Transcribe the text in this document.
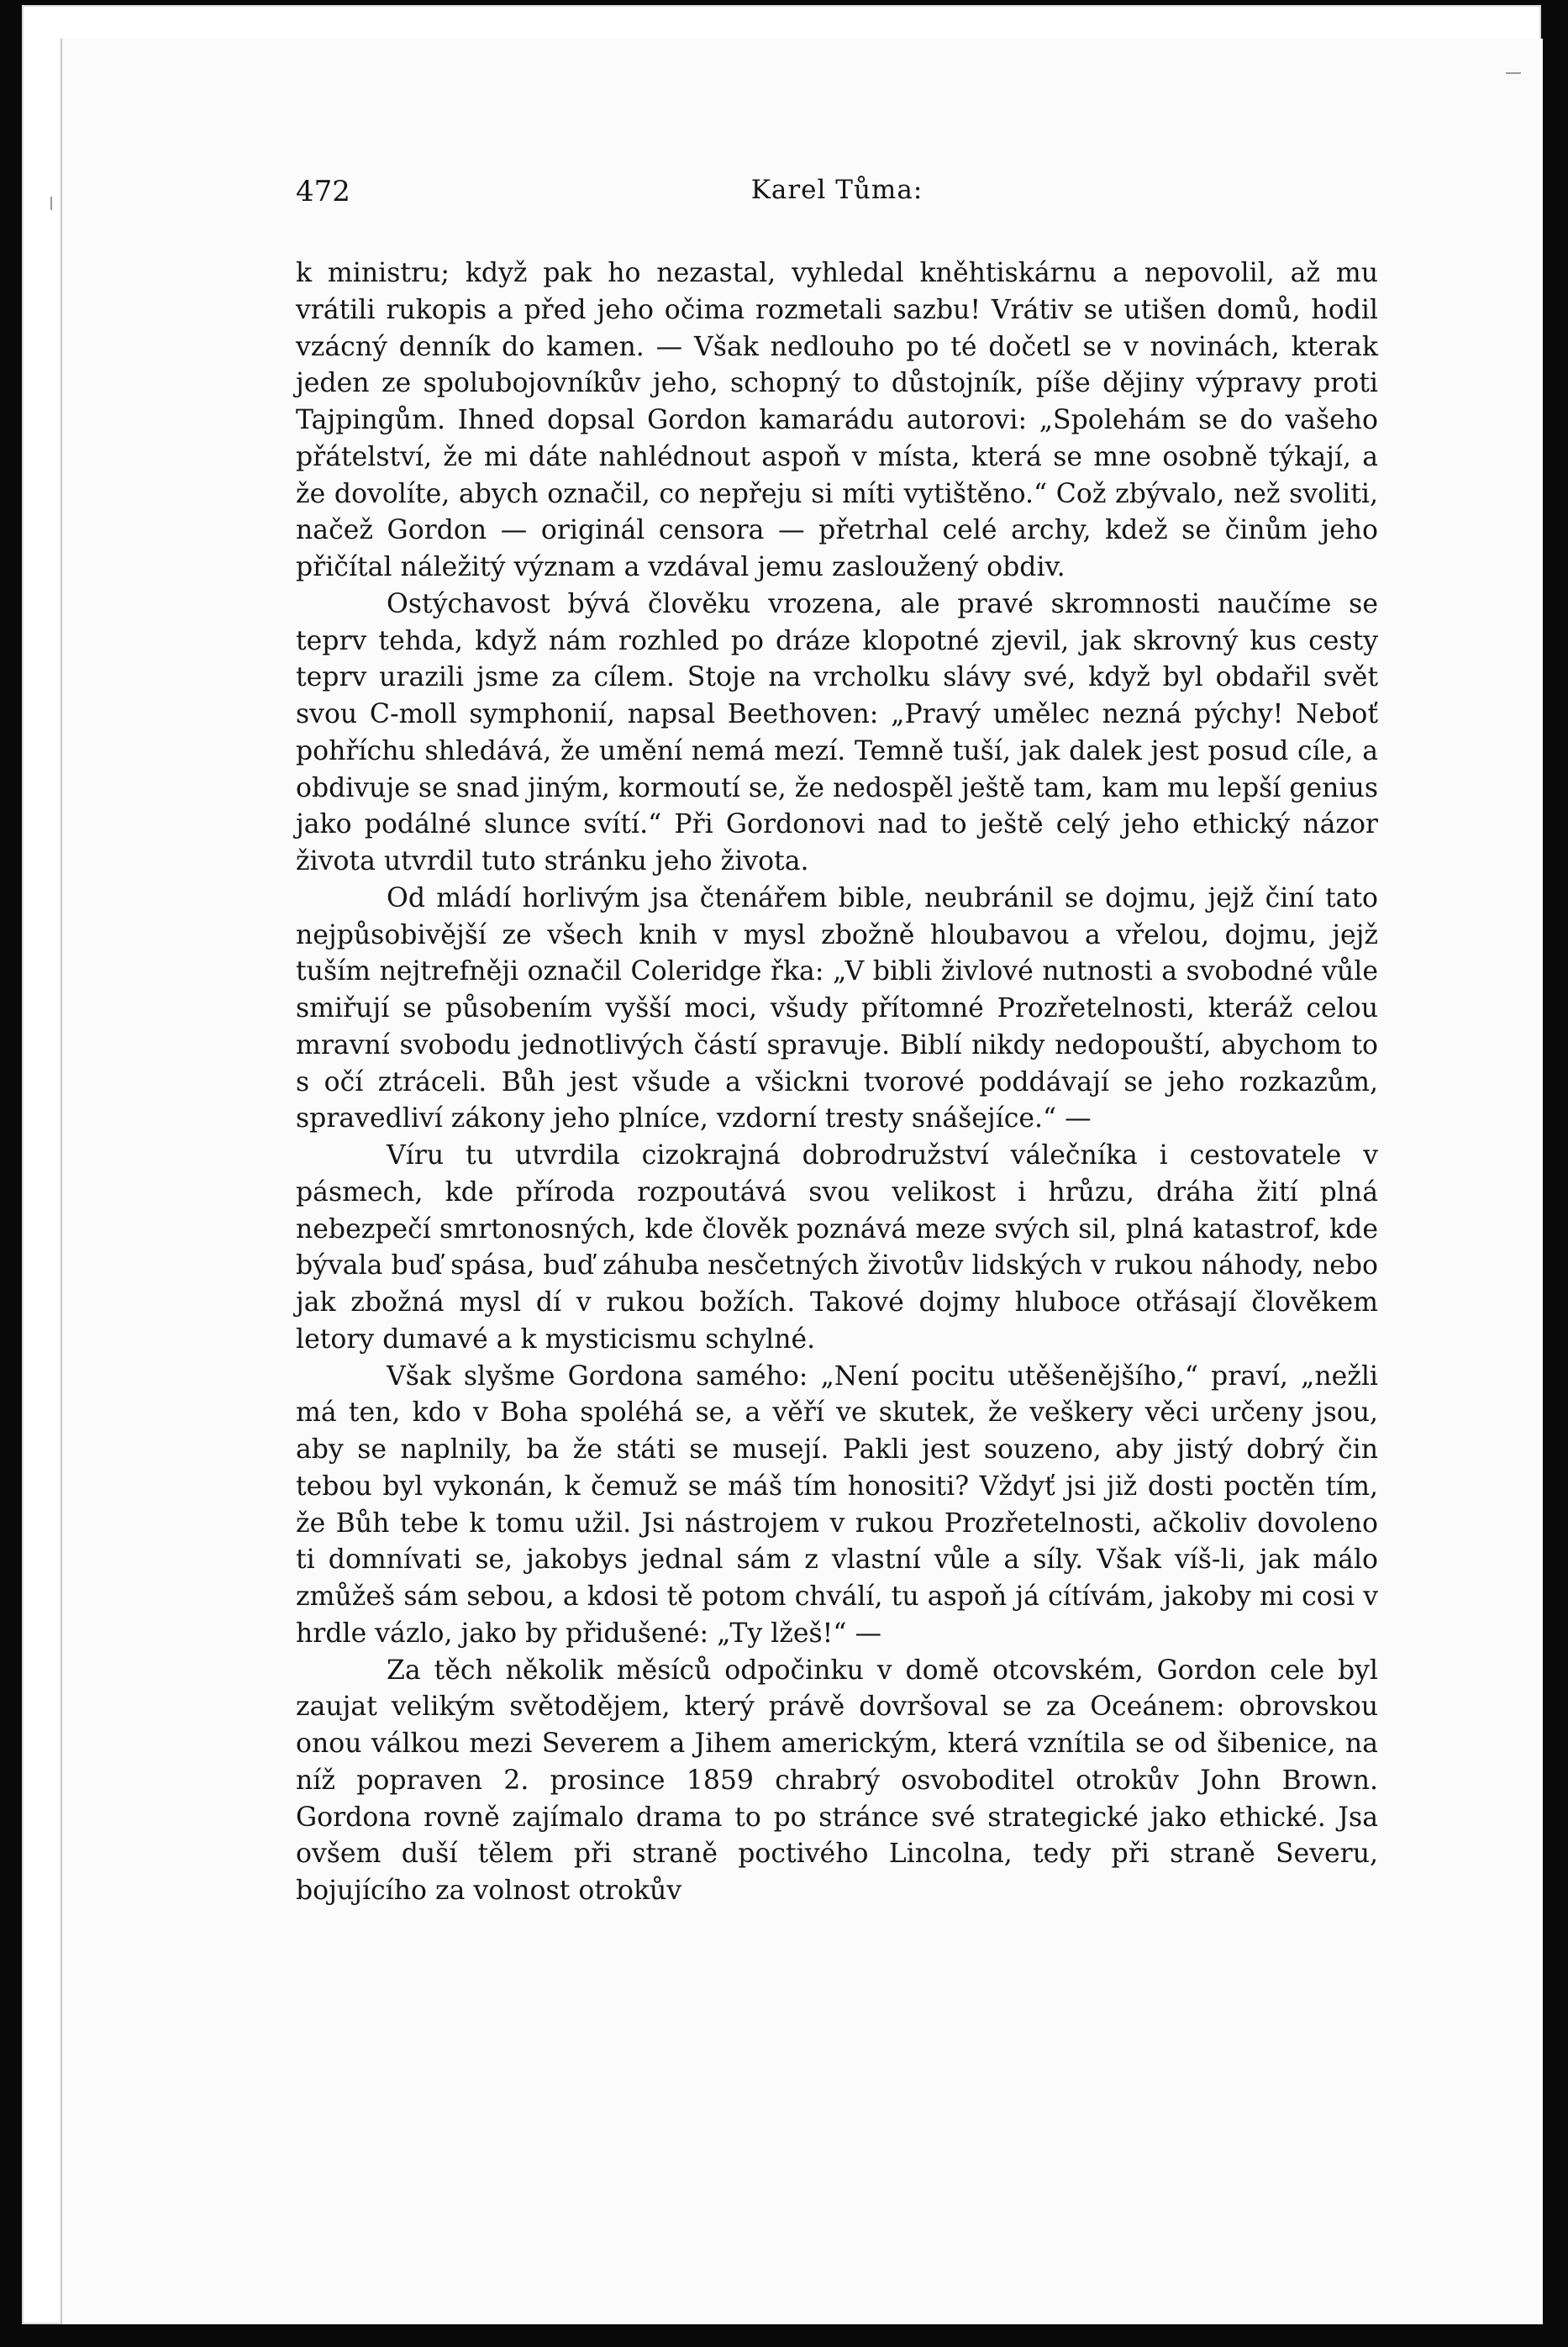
472	Karel Tůma:

k ministru; když pak ho nezastal, vyhledal kněhtiskárnu a nepovolil, až mu vrátili rukopis a před jeho očima rozmetali sazbu! Vrátiv se utišen domů, hodil vzácný denník do kamen. — Však nedlouho po té dočetl se v novinách, kterak jeden ze spolubojovníkův jeho, schopný to důstojník, píše dějiny výpravy proti Tajpingům. Ihned dopsal Gordon kamarádu autorovi: „Spolehám se do vašeho přátelství, že mi dáte nahlédnout aspoň v místa, která se mne osobně týkají, a že dovolíte, abych označil, co nepřeju si míti vytištěno.“ Což zbývalo, než svoliti, načež Gordon — originál censora — přetrhal celé archy, kdež se činům jeho přičítal náležitý význam a vzdával jemu zasloužený obdiv.

Ostýchavost bývá člověku vrozena, ale pravé skromnosti naučíme se teprv tehda, když nám rozhled po dráze klopotné zjevil, jak skrovný kus cesty teprv urazili jsme za cílem. Stoje na vrcholku slávy své, když byl obdařil svět svou C-moll symphonií, napsal Beethoven: „Pravý umělec nezná pýchy! Neboť pohříchu shledává, že umění nemá mezí. Temně tuší, jak dalek jest posud cíle, a obdivuje se snad jiným, kormoutí se, že nedospěl ještě tam, kam mu lepší genius jako podálné slunce svítí.“ Při Gordonovi nad to ještě celý jeho ethický názor života utvrdil tuto stránku jeho života.

Od mládí horlivým jsa čtenářem bible, neubránil se dojmu, jejž činí tato nejpůsobivější ze všech knih v mysl zbožně hloubavou a vřelou, dojmu, jejž tuším nejtrefněji označil Coleridge řka: „V bibli živlové nutnosti a svobodné vůle smiřují se působením vyšší moci, všudy přítomné Prozřetelnosti, kteráž celou mravní svobodu jednotlivých částí spravuje. Biblí nikdy nedopouští, abychom to s očí ztráceli. Bůh jest všude a všickni tvorové poddávají se jeho rozkazům, spravedliví zákony jeho plníce, vzdorní tresty snášejíce.“ —

Víru tu utvrdila cizokrajná dobrodružství válečníka i cestovatele v pásmech, kde příroda rozpoutává svou velikost i hrůzu, dráha žití plná nebezpečí smrtonosných, kde člověk poznává meze svých sil, plná katastrof, kde bývala buď spása, buď záhuba nesčetných životův lidských v rukou náhody, nebo jak zbožná mysl dí v rukou božích. Takové dojmy hluboce otřásají člověkem letory dumavé a k mysticismu schylné.

Však slyšme Gordona samého: „Není pocitu utěšenějšího,“ praví, „nežli má ten, kdo v Boha spoléhá se, a věří ve skutek, že veškery věci určeny jsou, aby se naplnily, ba že státi se musejí. Pakli jest souzeno, aby jistý dobrý čin tebou byl vykonán, k čemuž se máš tím honositi? Vždyť jsi již dosti poctěn tím, že Bůh tebe k tomu užil. Jsi nástrojem v rukou Prozřetelnosti, ačkoliv dovoleno ti domnívati se, jakobys jednal sám z vlastní vůle a síly. Však víš-li, jak málo zmůžeš sám sebou, a kdosi tě potom chválí, tu aspoň já cítívám, jakoby mi cosi v hrdle vázlo, jako by přidušené: „Ty lžeš!“ —

Za těch několik měsíců odpočinku v domě otcovském, Gordon cele byl zaujat velikým světodějem, který právě dovršoval se za Oceánem: obrovskou onou válkou mezi Severem a Jihem americkým, která vznítila se od šibenice, na níž popraven 2. prosince 1859 chrabrý osvoboditel otrokův John Brown. Gordona rovně zajímalo drama to po stránce své strategické jako ethické. Jsa ovšem duší tělem při straně poctivého Lincolna, tedy při straně Severu, bojujícího za volnost otrokův
